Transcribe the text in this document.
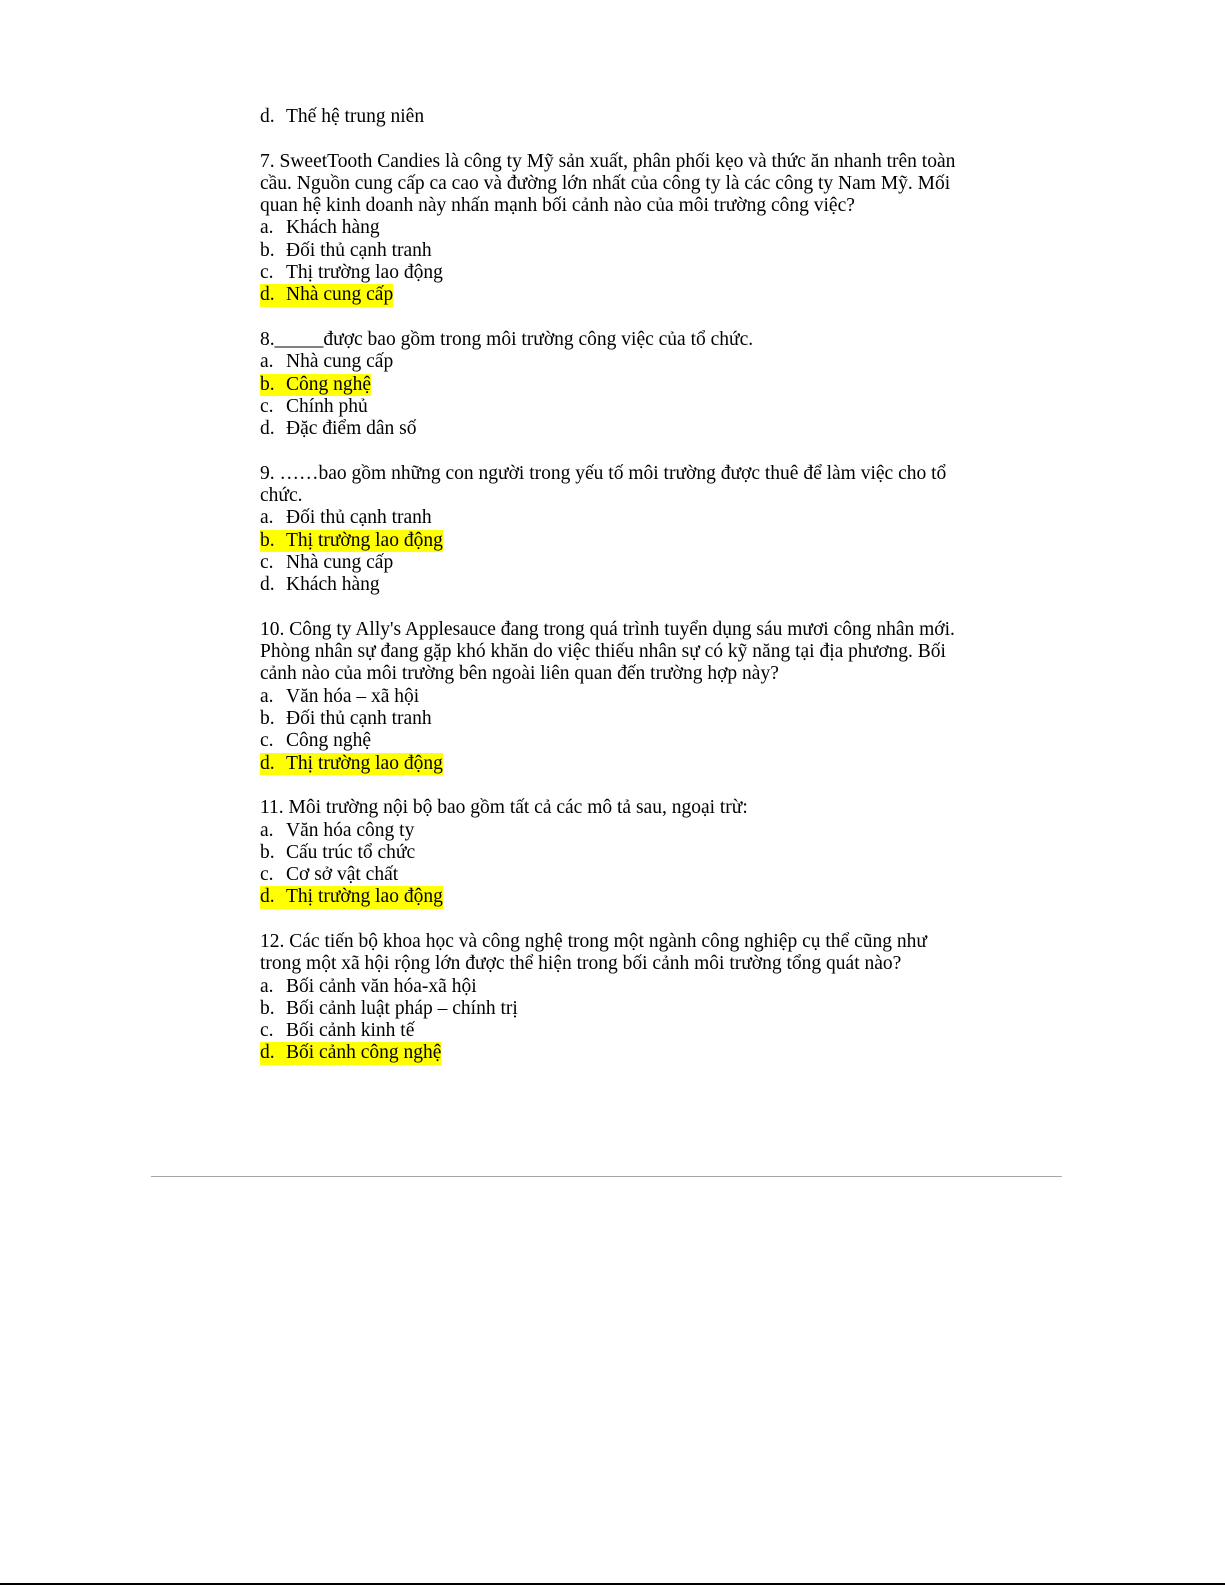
d. Thế hệ trung niên

7. SweetTooth Candies là công ty Mỹ sản xuất, phân phối kẹo và thức ăn nhanh trên toàn cầu. Nguồn cung cấp ca cao và đường lớn nhất của công ty là các công ty Nam Mỹ. Mối quan hệ kinh doanh này nhấn mạnh bối cảnh nào của môi trường công việc?

a. Khách hàng
b. Đối thủ cạnh tranh
c. Thị trường lao động
d. Nhà cung cấp

8._____được bao gồm trong môi trường công việc của tổ chức.

a. Nhà cung cấp
b. Công nghệ
c. Chính phủ
d. Đặc điểm dân số

9. ……bao gồm những con người trong yếu tố môi trường được thuê để làm việc cho tổ chức.

a. Đối thủ cạnh tranh
b. Thị trường lao động
c. Nhà cung cấp
d. Khách hàng

10. Công ty Ally's Applesauce đang trong quá trình tuyển dụng sáu mươi công nhân mới. Phòng nhân sự đang gặp khó khăn do việc thiếu nhân sự có kỹ năng tại địa phương. Bối cảnh nào của môi trường bên ngoài liên quan đến trường hợp này?

a. Văn hóa – xã hội
b. Đối thủ cạnh tranh
c. Công nghệ
d. Thị trường lao động

11. Môi trường nội bộ bao gồm tất cả các mô tả sau, ngoại trừ:

a. Văn hóa công ty
b. Cấu trúc tổ chức
c. Cơ sở vật chất
d. Thị trường lao động

12. Các tiến bộ khoa học và công nghệ trong một ngành công nghiệp cụ thể cũng như trong một xã hội rộng lớn được thể hiện trong bối cảnh môi trường tổng quát nào?

a. Bối cảnh văn hóa-xã hội
b. Bối cảnh luật pháp – chính trị
c. Bối cảnh kinh tế
d. Bối cảnh công nghệ
